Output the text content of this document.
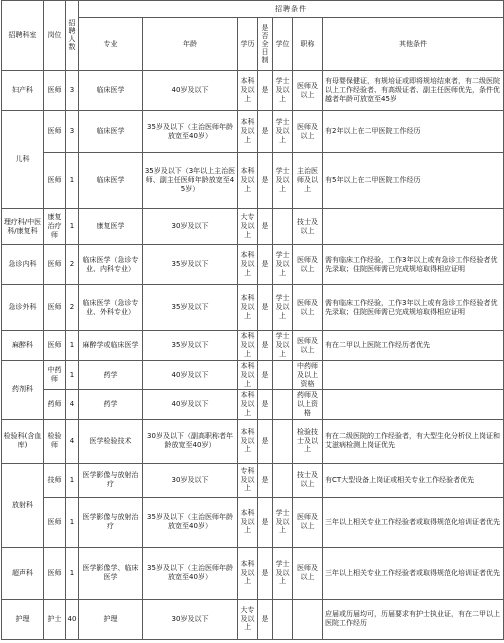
招聘科室	岗位	招聘人数	招聘条件						
			专业	年龄	学历	是否全日制	学位	职称	其他条件
妇产科	医师	3	临床医学	40岁及以下	本科及以上	是	学士及以上	医师及以上	有母婴保健证，有规培证或即将规培结束者，有二级医院以上工作经验者、有高级证者、副主任医师优先，条件优越者年龄可放宽至45岁
儿科	医师	3	临床医学	35岁及以下（主治医师年龄放宽至40岁）	本科及以上	是	学士及以上	医师及以上	有2年以上在二甲医院工作经历
	医师	1	临床医学	35岁及以下（3年以上主治医师、副主任医师年龄放宽至45岁）	本科及以上	是	学士及以上	主治医师及以上	有5年以上在二甲医院工作经历
理疗科/中医科/康复科	康复治疗师	1	康复医学	30岁及以下	大专及以上	是		技士及以上	
急诊内科	医师	2	临床医学（急诊专业、内科专业）	35岁及以下	本科及以上	是	学士及以上	医师及以上	需有临床工作经验，工作3年以上或有急诊工作经验者优先录取；住院医师需已完成规培取得相应证明
急诊外科	医师	2	临床医学（急诊专业、外科专业）	35岁及以下	本科及以上	是	学士及以上	医师及以上	需有临床工作经验，工作3年以上或有急诊工作经验者优先录取；住院医师需已完成规培取得相应证明
麻醉科	医师	1	麻醉学或临床医学	35岁及以下	本科及以上	是	学士及以上	医师及以上	有在二甲以上医院工作经历者优先
药剂科	中药师	1	药学	40岁及以下	本科及以上	是		中药师及以上资格	
	药师	4	药学	40岁及以下	本科及以上	是		药师及以上资格	
检验科(含血库)	检验师	4	医学检验技术	30岁及以下（副高职称者年龄放宽至40岁）	本科及以上	是		检验技士及以上	有在二级医院的工作经验者，有大型生化分析仪上岗证和艾滋病检测上岗证优先
放射科	技师	1	医学影像与放射治疗	30岁及以下	专科及以上	是		技士及以上	有CT大型设备上岗证或相关专业工作经验者优先
	医师	1	医学影像与放射治疗	35岁及以下（主治医师年龄放宽至40岁）	本科及以上	是	学士及以上	医师及以上	三年以上相关专业工作经验者或取得规范化培训证者优先
超声科	医师	1	医学影像学、临床医学	35岁及以下（主治医师年龄放宽至40岁）	本科及以上	是	学士及以上	医师及以上	三年以上相关专业工作经验者或取得规范化培训证者优先
护理	护士	40	护理	30岁及以下	大专及以上	是			应届或历届均可，历届要求有护士执业证，有在二甲以上医院工作经历
